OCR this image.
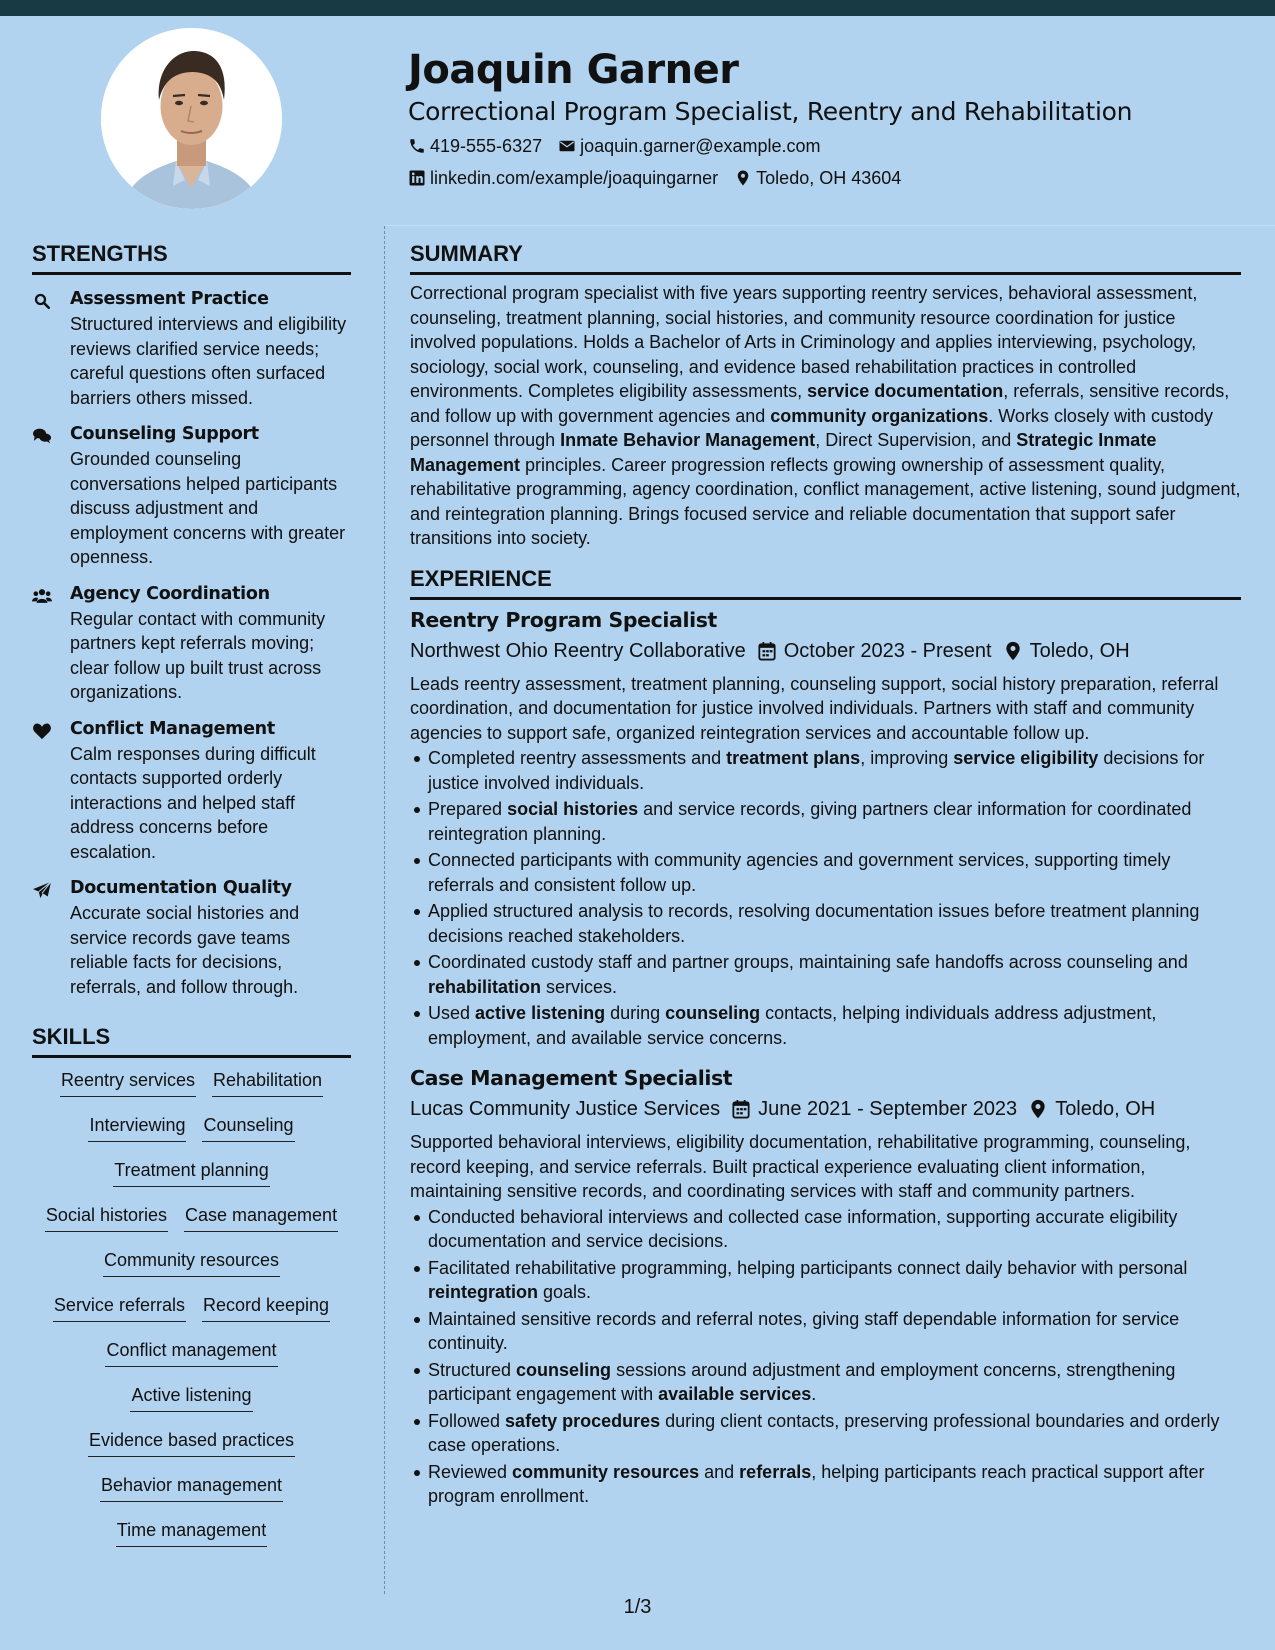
Joaquin Garner
Correctional Program Specialist, Reentry and Rehabilitation
419-555-6327 joaquin.garner@example.com
linkedin.com/example/joaquingarner Toledo, OH 43604
STRENGTHS
Assessment Practice
Structured interviews and eligibility reviews clarified service needs; careful questions often surfaced barriers others missed.
Counseling Support
Grounded counseling conversations helped participants discuss adjustment and employment concerns with greater openness.
Agency Coordination
Regular contact with community partners kept referrals moving; clear follow up built trust across organizations.
Conflict Management
Calm responses during difficult contacts supported orderly interactions and helped staff address concerns before escalation.
Documentation Quality
Accurate social histories and service records gave teams reliable facts for decisions, referrals, and follow through.
SKILLS
Reentry services Rehabilitation
Interviewing Counseling
Treatment planning
Social histories Case management
Community resources
Service referrals Record keeping
Conflict management
Active listening
Evidence based practices
Behavior management
Time management
SUMMARY
Correctional program specialist with five years supporting reentry services, behavioral assessment, counseling, treatment planning, social histories, and community resource coordination for justice involved populations. Holds a Bachelor of Arts in Criminology and applies interviewing, psychology, sociology, social work, counseling, and evidence based rehabilitation practices in controlled environments. Completes eligibility assessments, service documentation, referrals, sensitive records, and follow up with government agencies and community organizations. Works closely with custody personnel through Inmate Behavior Management, Direct Supervision, and Strategic Inmate Management principles. Career progression reflects growing ownership of assessment quality, rehabilitative programming, agency coordination, conflict management, active listening, sound judgment, and reintegration planning. Brings focused service and reliable documentation that support safer transitions into society.
EXPERIENCE
Reentry Program Specialist
Northwest Ohio Reentry Collaborative October 2023 - Present Toledo, OH
Leads reentry assessment, treatment planning, counseling support, social history preparation, referral coordination, and documentation for justice involved individuals. Partners with staff and community agencies to support safe, organized reintegration services and accountable follow up.
Completed reentry assessments and treatment plans, improving service eligibility decisions for justice involved individuals.
Prepared social histories and service records, giving partners clear information for coordinated reintegration planning.
Connected participants with community agencies and government services, supporting timely referrals and consistent follow up.
Applied structured analysis to records, resolving documentation issues before treatment planning decisions reached stakeholders.
Coordinated custody staff and partner groups, maintaining safe handoffs across counseling and rehabilitation services.
Used active listening during counseling contacts, helping individuals address adjustment, employment, and available service concerns.
Case Management Specialist
Lucas Community Justice Services June 2021 - September 2023 Toledo, OH
Supported behavioral interviews, eligibility documentation, rehabilitative programming, counseling, record keeping, and service referrals. Built practical experience evaluating client information, maintaining sensitive records, and coordinating services with staff and community partners.
Conducted behavioral interviews and collected case information, supporting accurate eligibility documentation and service decisions.
Facilitated rehabilitative programming, helping participants connect daily behavior with personal reintegration goals.
Maintained sensitive records and referral notes, giving staff dependable information for service continuity.
Structured counseling sessions around adjustment and employment concerns, strengthening participant engagement with available services.
Followed safety procedures during client contacts, preserving professional boundaries and orderly case operations.
Reviewed community resources and referrals, helping participants reach practical support after program enrollment.
1/3
